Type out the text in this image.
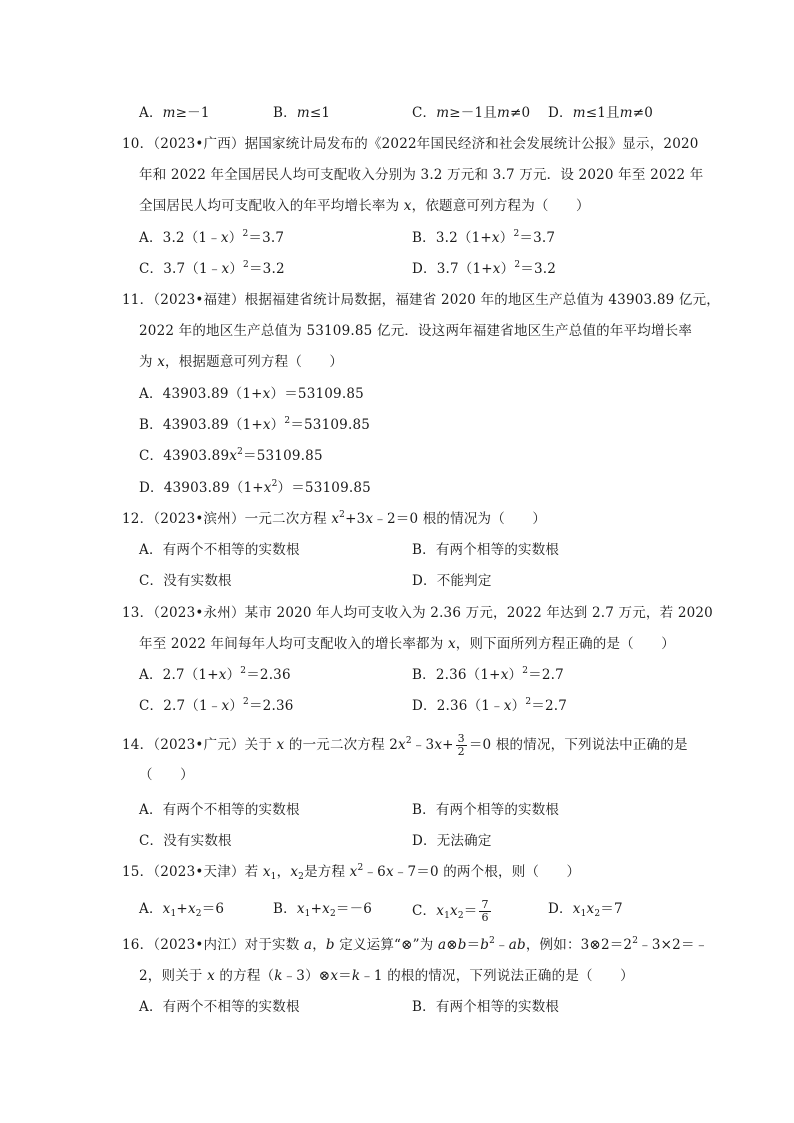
A．m≥－1	B．m≤1	C．m≥－1且m≠0 D．m≤1且m≠0
10．（2023•广西）据国家统计局发布的《2022年国民经济和社会发展统计公报》显示，2020
年和 2022 年全国居民人均可支配收入分别为 3.2 万元和 3.7 万元．设 2020 年至 2022 年
全国居民人均可支配收入的年平均增长率为 x，依题意可列方程为（　　）
A．3.2（1﹣x）$^2$＝3.7	B．$3.2(1+x)^2=3.7$
C．3.7（1﹣x）$^2$＝3.2	D．$3.7(1+x)^2=3.2$
11．（2023•福建）根据福建省统计局数据，福建省 2020 年的地区生产总值为 43903.89 亿元，
2022 年的地区生产总值为 53109.85 亿元．设这两年福建省地区生产总值的年平均增长率
为 x，根据题意可列方程（　　）
A．43903.89（1+x）＝53109.85
B．$43903.89(1+x)^2=53109.85$
C．$43903.89x^2=53109.85$
D．$43903.89(1+x^2)=53109.85$
12．（2023•滨州）一元二次方程 $x^2+3x﹣2=0$ 根的情况为（　　）
A．有两个不相等的实数根	B．有两个相等的实数根
C．没有实数根	D．不能判定
13．（2023•永州）某市 2020 年人均可支收入为 2.36 万元，2022 年达到 2.7 万元，若 2020
年至 2022 年间每年人均可支配收入的增长率都为 x，则下面所列方程正确的是（　　）
A．$2.7(1+x)^2=2.36$	B．$2.36(1+x)^2=2.7$
C．2.7（1﹣x）$^2$＝2.36	D．2.36（1﹣x）$^2$＝2.7
14．（2023•广元）关于 x 的一元二次方程 $2x^2﹣3x+ \frac{3}{2} =0$ 根的情况，下列说法中正确的是
（　　）
A．有两个不相等的实数根	B．有两个相等的实数根
C．没有实数根	D．无法确定
15．（2023•天津）若 $x_1$，$x_2$是方程 $x^2﹣6x﹣7=0$ 的两个根，则（　　）
A．$x_1+x_2=6$	B．$x_1+x_2=-6$	C．$x_1x_2= \frac{7}{6}$	D．$x_1x_2=7$
16．（2023•内江）对于实数 a，b 定义运算“⊗”为 $a\otimes b=b^2﹣ab$，例如：$3\otimes 2=2^2﹣3\times 2=﹣$
2，则关于 x 的方程（k﹣3）⊗x＝k﹣1 的根的情况，下列说法正确的是（　　）
A．有两个不相等的实数根	B．有两个相等的实数根
